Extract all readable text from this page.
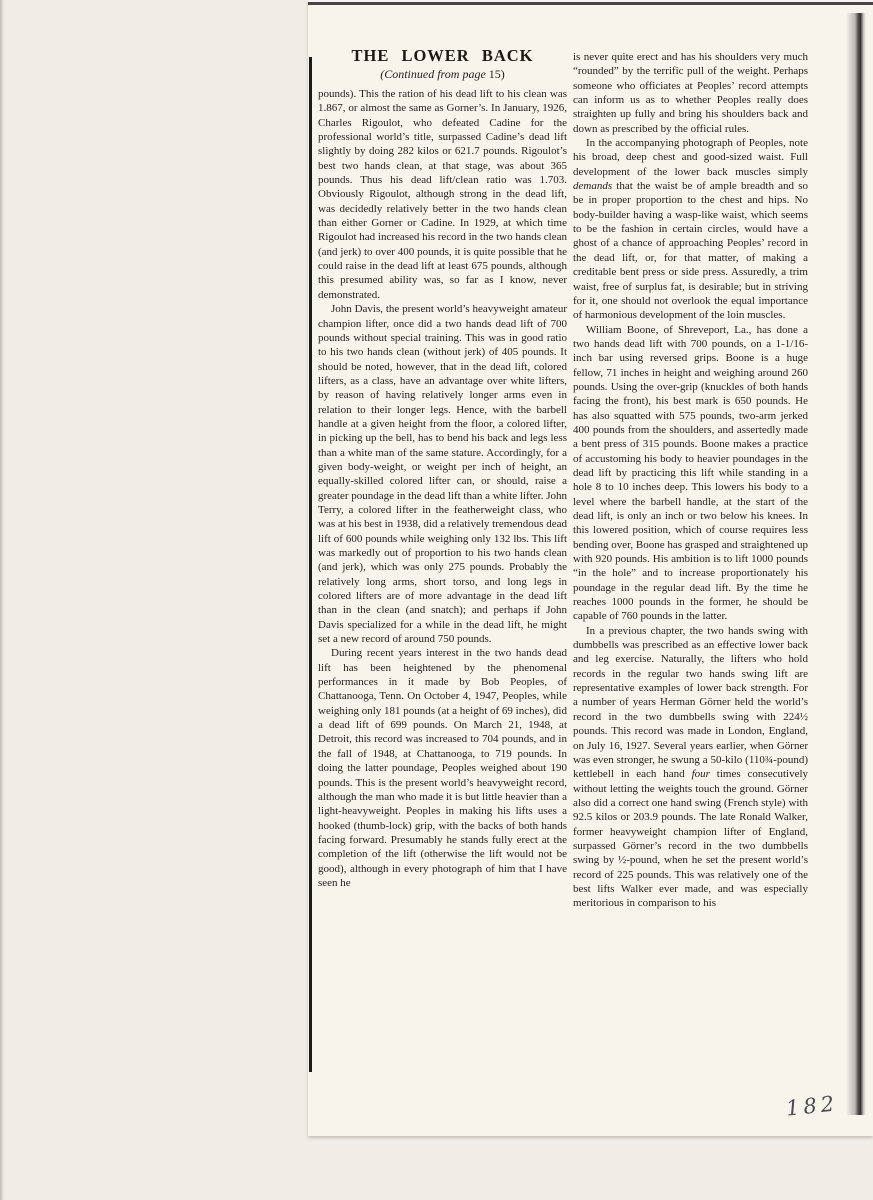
THE LOWER BACK
(Continued from page 15)

pounds). This the ration of his dead lift to his clean was 1.867, or almost the same as Gorner’s. In January, 1926, Charles Rigoulot, who defeated Cadine for the professional world’s title, surpassed Cadine’s dead lift slightly by doing 282 kilos or 621.7 pounds. Rigoulot’s best two hands clean, at that stage, was about 365 pounds. Thus his dead lift/clean ratio was 1.703. Obviously Rigoulot, although strong in the dead lift, was decidedly relatively better in the two hands clean than either Gorner or Cadine. In 1929, at which time Rigoulot had increased his record in the two hands clean (and jerk) to over 400 pounds, it is quite possible that he could raise in the dead lift at least 675 pounds, although this presumed ability was, so far as I know, never demonstrated.

John Davis, the present world’s heavyweight amateur champion lifter, once did a two hands dead lift of 700 pounds without special training. This was in good ratio to his two hands clean (without jerk) of 405 pounds. It should be noted, however, that in the dead lift, colored lifters, as a class, have an advantage over white lifters, by reason of having relatively longer arms even in relation to their longer legs. Hence, with the barbell handle at a given height from the floor, a colored lifter, in picking up the bell, has to bend his back and legs less than a white man of the same stature. Accordingly, for a given body-weight, or weight per inch of height, an equally-skilled colored lifter can, or should, raise a greater poundage in the dead lift than a white lifter. John Terry, a colored lifter in the featherweight class, who was at his best in 1938, did a relatively tremendous dead lift of 600 pounds while weighing only 132 lbs. This lift was markedly out of proportion to his two hands clean (and jerk), which was only 275 pounds. Probably the relatively long arms, short torso, and long legs in colored lifters are of more advantage in the dead lift than in the clean (and snatch); and perhaps if John Davis specialized for a while in the dead lift, he might set a new record of around 750 pounds.

During recent years interest in the two hands dead lift has been heightened by the phenomenal performances in it made by Bob Peoples, of Chattanooga, Tenn. On October 4, 1947, Peoples, while weighing only 181 pounds (at a height of 69 inches), did a dead lift of 699 pounds. On March 21, 1948, at Detroit, this record was increased to 704 pounds, and in the fall of 1948, at Chattanooga, to 719 pounds. In doing the latter poundage, Peoples weighed about 190 pounds. This is the present world’s heavyweight record, although the man who made it is but little heavier than a light-heavyweight. Peoples in making his lifts uses a hooked (thumb-lock) grip, with the backs of both hands facing forward. Presumably he stands fully erect at the completion of the lift (otherwise the lift would not be good), although in every photograph of him that I have seen he

is never quite erect and has his shoulders very much “rounded” by the terrific pull of the weight. Perhaps someone who officiates at Peoples’ record attempts can inform us as to whether Peoples really does straighten up fully and bring his shoulders back and down as prescribed by the official rules.

In the accompanying photograph of Peoples, note his broad, deep chest and good-sized waist. Full development of the lower back muscles simply demands that the waist be of ample breadth and so be in proper proportion to the chest and hips. No body-builder having a wasp-like waist, which seems to be the fashion in certain circles, would have a ghost of a chance of approaching Peoples’ record in the dead lift, or, for that matter, of making a creditable bent press or side press. Assuredly, a trim waist, free of surplus fat, is desirable; but in striving for it, one should not overlook the equal importance of harmonious development of the loin muscles.

William Boone, of Shreveport, La., has done a two hands dead lift with 700 pounds, on a 1-1/16-inch bar using reversed grips. Boone is a huge fellow, 71 inches in height and weighing around 260 pounds. Using the over-grip (knuckles of both hands facing the front), his best mark is 650 pounds. He has also squatted with 575 pounds, two-arm jerked 400 pounds from the shoulders, and assertedly made a bent press of 315 pounds. Boone makes a practice of accustoming his body to heavier poundages in the dead lift by practicing this lift while standing in a hole 8 to 10 inches deep. This lowers his body to a level where the barbell handle, at the start of the dead lift, is only an inch or two below his knees. In this lowered position, which of course requires less bending over, Boone has grasped and straightened up with 920 pounds. His ambition is to lift 1000 pounds “in the hole” and to increase proportionately his poundage in the regular dead lift. By the time he reaches 1000 pounds in the former, he should be capable of 760 pounds in the latter.

In a previous chapter, the two hands swing with dumbbells was prescribed as an effective lower back and leg exercise. Naturally, the lifters who hold records in the regular two hands swing lift are representative examples of lower back strength. For a number of years Herman Görner held the world’s record in the two dumbbells swing with 224½ pounds. This record was made in London, England, on July 16, 1927. Several years earlier, when Görner was even stronger, he swung a 50-kilo (110¾-pound) kettlebell in each hand four times consecutively without letting the weights touch the ground. Görner also did a correct one hand swing (French style) with 92.5 kilos or 203.9 pounds. The late Ronald Walker, former heavyweight champion lifter of England, surpassed Görner’s record in the two dumbbells swing by ½-pound, when he set the present world’s record of 225 pounds. This was relatively one of the best lifts Walker ever made, and was especially meritorious in comparison to his

182
